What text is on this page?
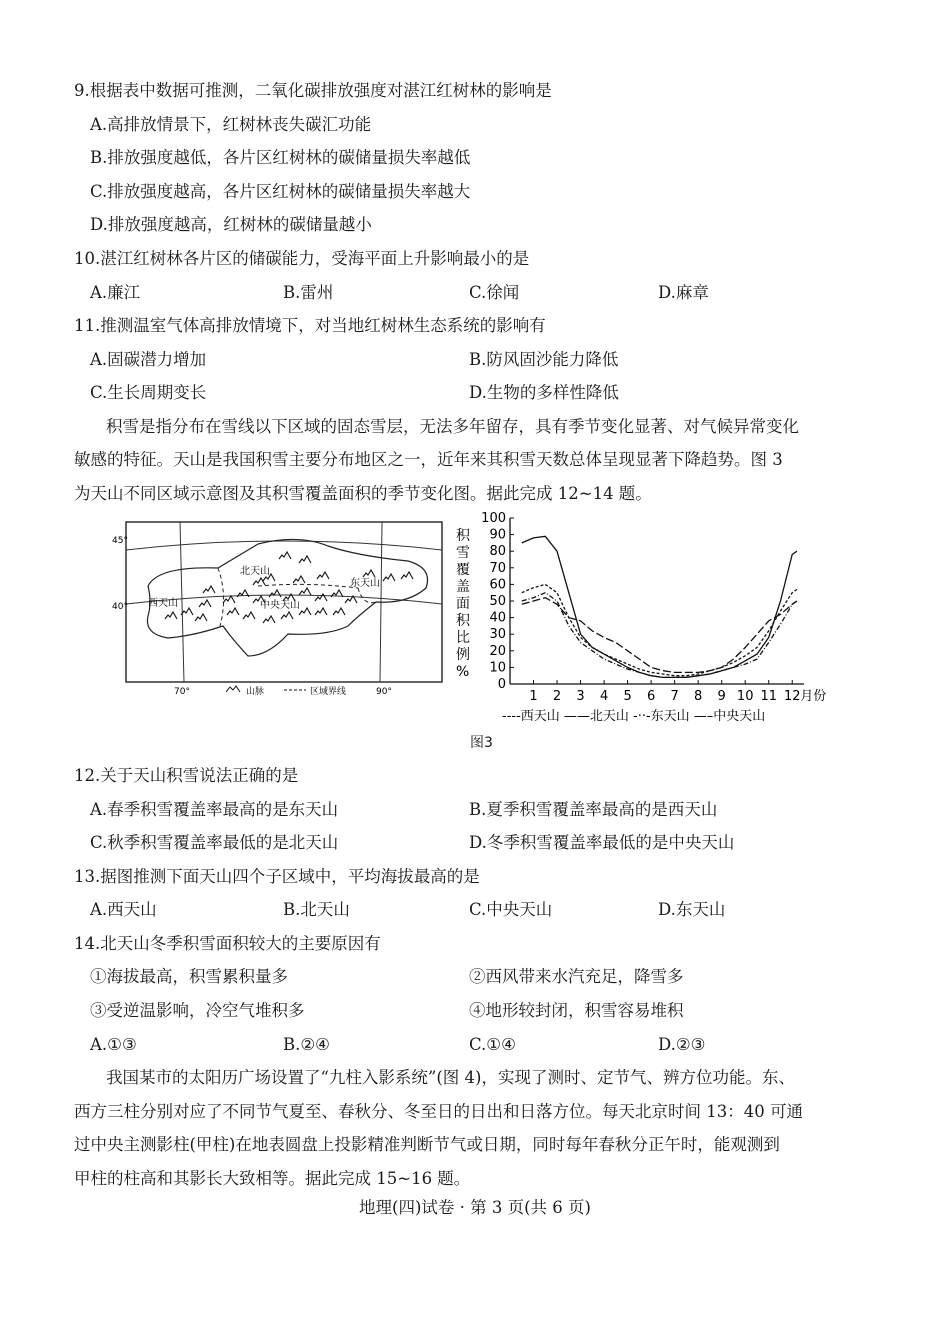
9.根据表中数据可推测，二氧化碳排放强度对湛江红树林的影响是
A.高排放情景下，红树林丧失碳汇功能
B.排放强度越低，各片区红树林的碳储量损失率越低
C.排放强度越高，各片区红树林的碳储量损失率越大
D.排放强度越高，红树林的碳储量越小
10.湛江红树林各片区的储碳能力，受海平面上升影响最小的是
A.廉江	B.雷州	C.徐闻	D.麻章
11.推测温室气体高排放情境下，对当地红树林生态系统的影响有
A.固碳潜力增加	B.防风固沙能力降低
C.生长周期变长	D.生物的多样性降低
积雪是指分布在雪线以下区域的固态雪层，无法多年留存，具有季节变化显著、对气候异常变化
敏感的特征。天山是我国积雪主要分布地区之一，近年来其积雪天数总体呈现显著下降趋势。图 3
为天山不同区域示意图及其积雪覆盖面积的季节变化图。据此完成 12~14 题。
45°
40°
70°	90°
北天山
东天山
西天山	中央天山
山脉	区域界线
积
雪
覆
盖
面
积
比
例
%
0
10
20
30
40
50
60
70
80
90
100
1 2 3 4 5 6 7 8 9 10 11 12 月份
----西天山 ——北天山 -··-东天山 —–中央天山
图3
12.关于天山积雪说法正确的是
A.春季积雪覆盖率最高的是东天山	B.夏季积雪覆盖率最高的是西天山
C.秋季积雪覆盖率最低的是北天山	D.冬季积雪覆盖率最低的是中央天山
13.据图推测下面天山四个子区域中，平均海拔最高的是
A.西天山	B.北天山	C.中央天山	D.东天山
14.北天山冬季积雪面积较大的主要原因有
①海拔最高，积雪累积量多	②西风带来水汽充足，降雪多
③受逆温影响，冷空气堆积多	④地形较封闭，积雪容易堆积
A.①③	B.②④	C.①④	D.②③
我国某市的太阳历广场设置了“九柱入影系统”(图 4)，实现了测时、定节气、辨方位功能。东、
西方三柱分别对应了不同节气夏至、春秋分、冬至日的日出和日落方位。每天北京时间 13：40 可通
过中央主测影柱(甲柱)在地表圆盘上投影精准判断节气或日期，同时每年春秋分正午时，能观测到
甲柱的柱高和其影长大致相等。据此完成 15~16 题。
地理(四)试卷 · 第 3 页(共 6 页)
